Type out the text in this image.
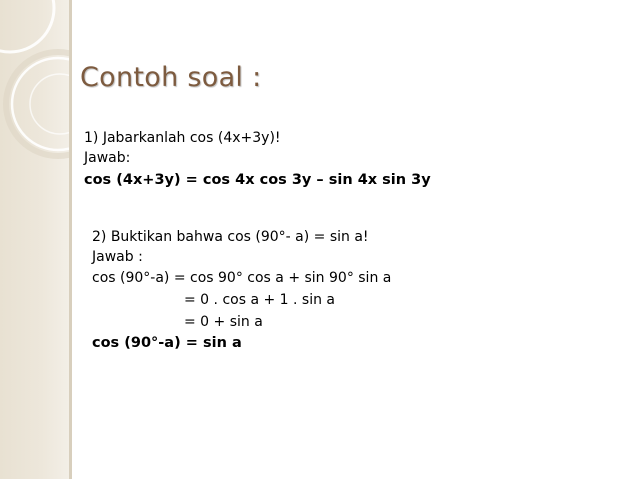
Contoh soal :
1) Jabarkanlah cos (4x+3y)!
Jawab:
cos (4x+3y) = cos 4x cos 3y – sin 4x sin 3y
2) Buktikan bahwa cos (90°- a) = sin a!
Jawab :
cos (90°-a) = cos 90° cos a + sin 90° sin a
= 0 . cos a + 1 . sin a
= 0 + sin a
cos (90°-a) = sin a
